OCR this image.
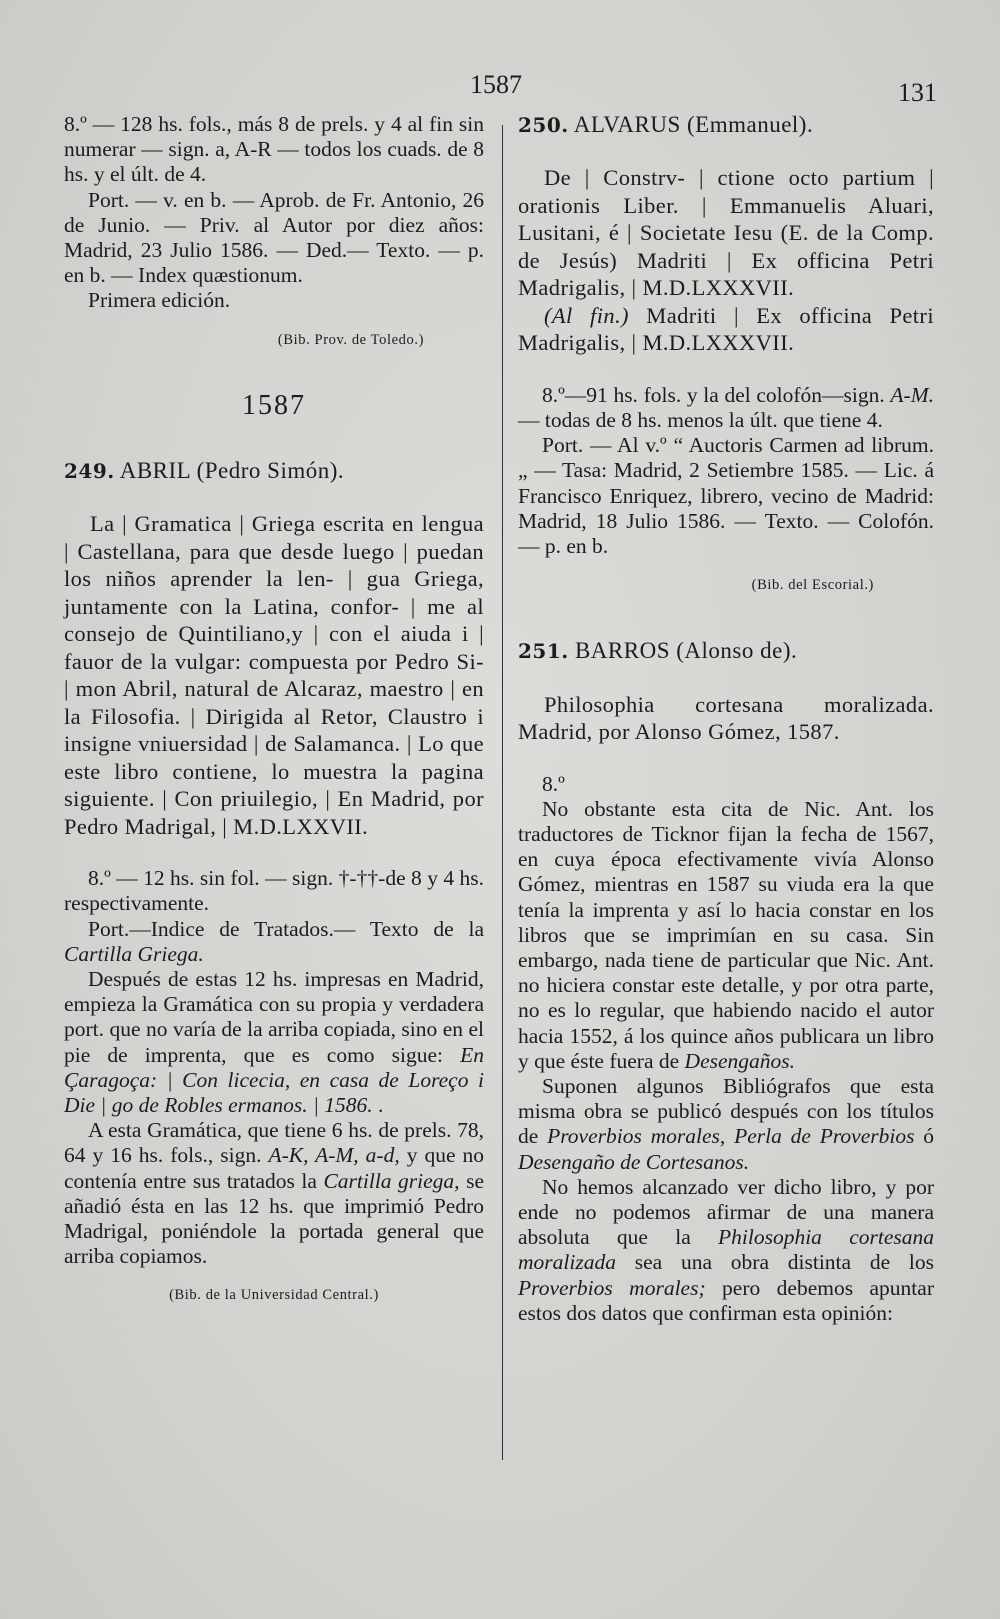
1587	131

8.º — 128 hs. fols., más 8 de prels. y 4 al fin sin numerar — sign. a, A-R — todos los cuads. de 8 hs. y el últ. de 4.

Port. — v. en b. — Aprob. de Fr. Antonio, 26 de Junio. — Priv. al Autor por diez años: Madrid, 23 Julio 1586. — Ded.— Texto. — p. en b. — Index quæstionum.

Primera edición.

(Bib. Prov. de Toledo.)

1587

249. ABRIL (Pedro Simón).

La | Gramatica | Griega escrita en lengua | Castellana, para que desde luego | puedan los niños aprender la len- | gua Griega, juntamente con la Latina, confor- | me al consejo de Quintiliano,y | con el aiuda i | fauor de la vulgar: compuesta por Pedro Si- | mon Abril, natural de Alcaraz, maestro | en la Filosofia. | Dirigida al Retor, Claustro i insigne vniuersidad | de Salamanca. | Lo que este libro contiene, lo muestra la pagina siguiente. | Con priuilegio, | En Madrid, por Pedro Madrigal, | M.D.LXXVII.

8.º — 12 hs. sin fol. — sign. †-††-de 8 y 4 hs. respectivamente.

Port.—Indice de Tratados.— Texto de la Cartilla Griega.

Después de estas 12 hs. impresas en Madrid, empieza la Gramática con su propia y verdadera port. que no varía de la arriba copiada, sino en el pie de imprenta, que es como sigue: En Çaragoça: | Con licecia, en casa de Loreço i Die | go de Robles ermanos. | 1586. .

A esta Gramática, que tiene 6 hs. de prels. 78, 64 y 16 hs. fols., sign. A-K, A-M, a-d, y que no contenía entre sus tratados la Cartilla griega, se añadió ésta en las 12 hs. que imprimió Pedro Madrigal, poniéndole la portada general que arriba copiamos.

(Bib. de la Universidad Central.)

250. ALVARUS (Emmanuel).

De | Constrv- | ctione octo partium | orationis Liber. | Emmanuelis Aluari, Lusitani, é | Societate Iesu (E. de la Comp. de Jesús) Madriti | Ex officina Petri Madrigalis, | M.D.LXXXVII.

(Al fin.) Madriti | Ex officina Petri Madrigalis, | M.D.LXXXVII.

8.º—91 hs. fols. y la del colofón—sign. A-M. — todas de 8 hs. menos la últ. que tiene 4.

Port. — Al v.º “ Auctoris Carmen ad librum. „ — Tasa: Madrid, 2 Setiembre 1585. — Lic. á Francisco Enriquez, librero, vecino de Madrid: Madrid, 18 Julio 1586. — Texto. — Colofón. — p. en b.

(Bib. del Escorial.)

251. BARROS (Alonso de).

Philosophia cortesana moralizada. Madrid, por Alonso Gómez, 1587.

8.º

No obstante esta cita de Nic. Ant. los traductores de Ticknor fijan la fecha de 1567, en cuya época efectivamente vivía Alonso Gómez, mientras en 1587 su viuda era la que tenía la imprenta y así lo hacia constar en los libros que se imprimían en su casa. Sin embargo, nada tiene de particular que Nic. Ant. no hiciera constar este detalle, y por otra parte, no es lo regular, que habiendo nacido el autor hacia 1552, á los quince años publicara un libro y que éste fuera de Desengaños.

Suponen algunos Bibliógrafos que esta misma obra se publicó después con los títulos de Proverbios morales, Perla de Proverbios ó Desengaño de Cortesanos.

No hemos alcanzado ver dicho libro, y por ende no podemos afirmar de una manera absoluta que la Philosophia cortesana moralizada sea una obra distinta de los Proverbios morales; pero debemos apuntar estos dos datos que confirman esta opinión:
